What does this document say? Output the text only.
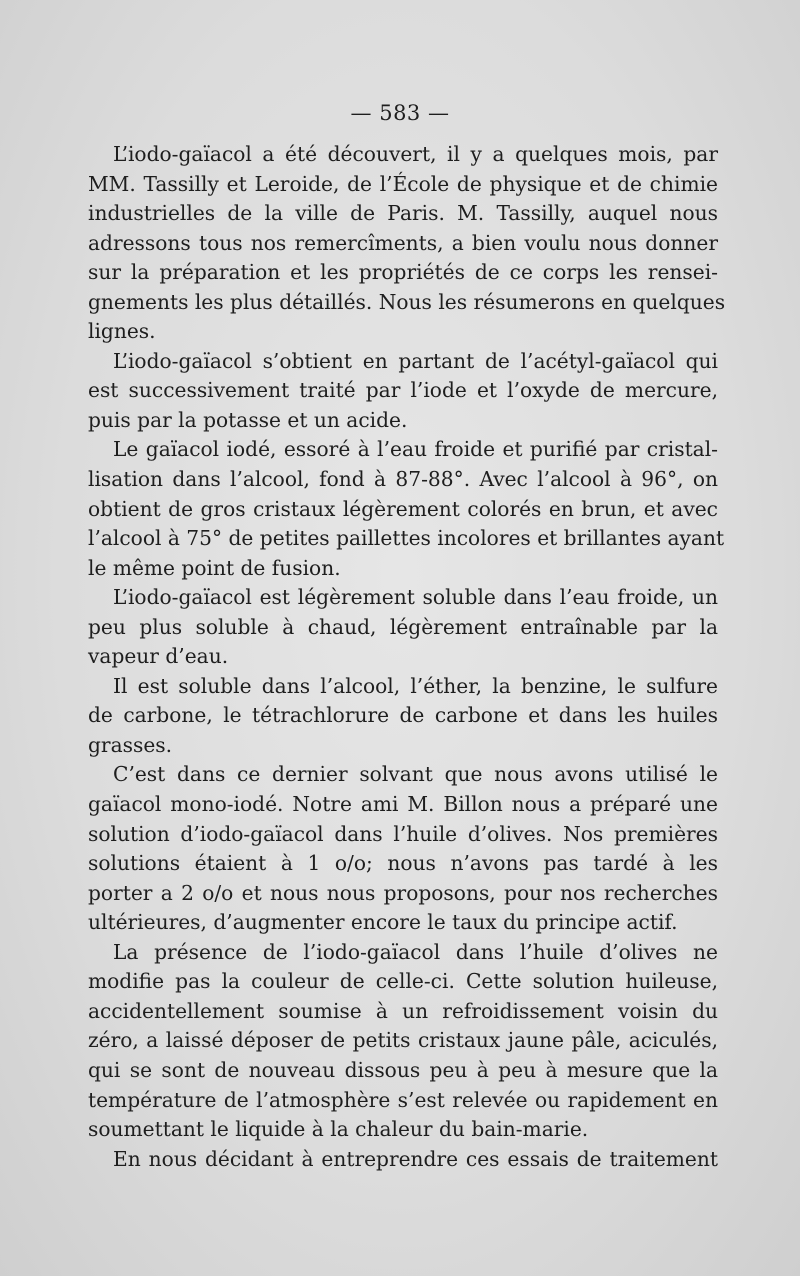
— 583 —
L’iodo-gaïacol a été découvert, il y a quelques mois, par
MM. Tassilly et Leroide, de l’École de physique et de chimie
industrielles de la ville de Paris. M. Tassilly, auquel nous
adressons tous nos remercîments, a bien voulu nous donner
sur la préparation et les propriétés de ce corps les rensei-
gnements les plus détaillés. Nous les résumerons en quelques
lignes.
L’iodo-gaïacol s’obtient en partant de l’acétyl-gaïacol qui
est successivement traité par l’iode et l’oxyde de mercure,
puis par la potasse et un acide.
Le gaïacol iodé, essoré à l’eau froide et purifié par cristal-
lisation dans l’alcool, fond à 87-88°. Avec l’alcool à 96°, on
obtient de gros cristaux légèrement colorés en brun, et avec
l’alcool à 75° de petites paillettes incolores et brillantes ayant
le même point de fusion.
L’iodo-gaïacol est légèrement soluble dans l’eau froide, un
peu plus soluble à chaud, légèrement entraînable par la
vapeur d’eau.
Il est soluble dans l’alcool, l’éther, la benzine, le sulfure
de carbone, le tétrachlorure de carbone et dans les huiles
grasses.
C’est dans ce dernier solvant que nous avons utilisé le
gaïacol mono-iodé. Notre ami M. Billon nous a préparé une
solution d’iodo-gaïacol dans l’huile d’olives. Nos premières
solutions étaient à 1 o/o; nous n’avons pas tardé à les
porter a 2 o/o et nous nous proposons, pour nos recherches
ultérieures, d’augmenter encore le taux du principe actif.
La présence de l’iodo-gaïacol dans l’huile d’olives ne
modifie pas la couleur de celle-ci. Cette solution huileuse,
accidentellement soumise à un refroidissement voisin du
zéro, a laissé déposer de petits cristaux jaune pâle, aciculés,
qui se sont de nouveau dissous peu à peu à mesure que la
température de l’atmosphère s’est relevée ou rapidement en
soumettant le liquide à la chaleur du bain-marie.
En nous décidant à entreprendre ces essais de traitement
